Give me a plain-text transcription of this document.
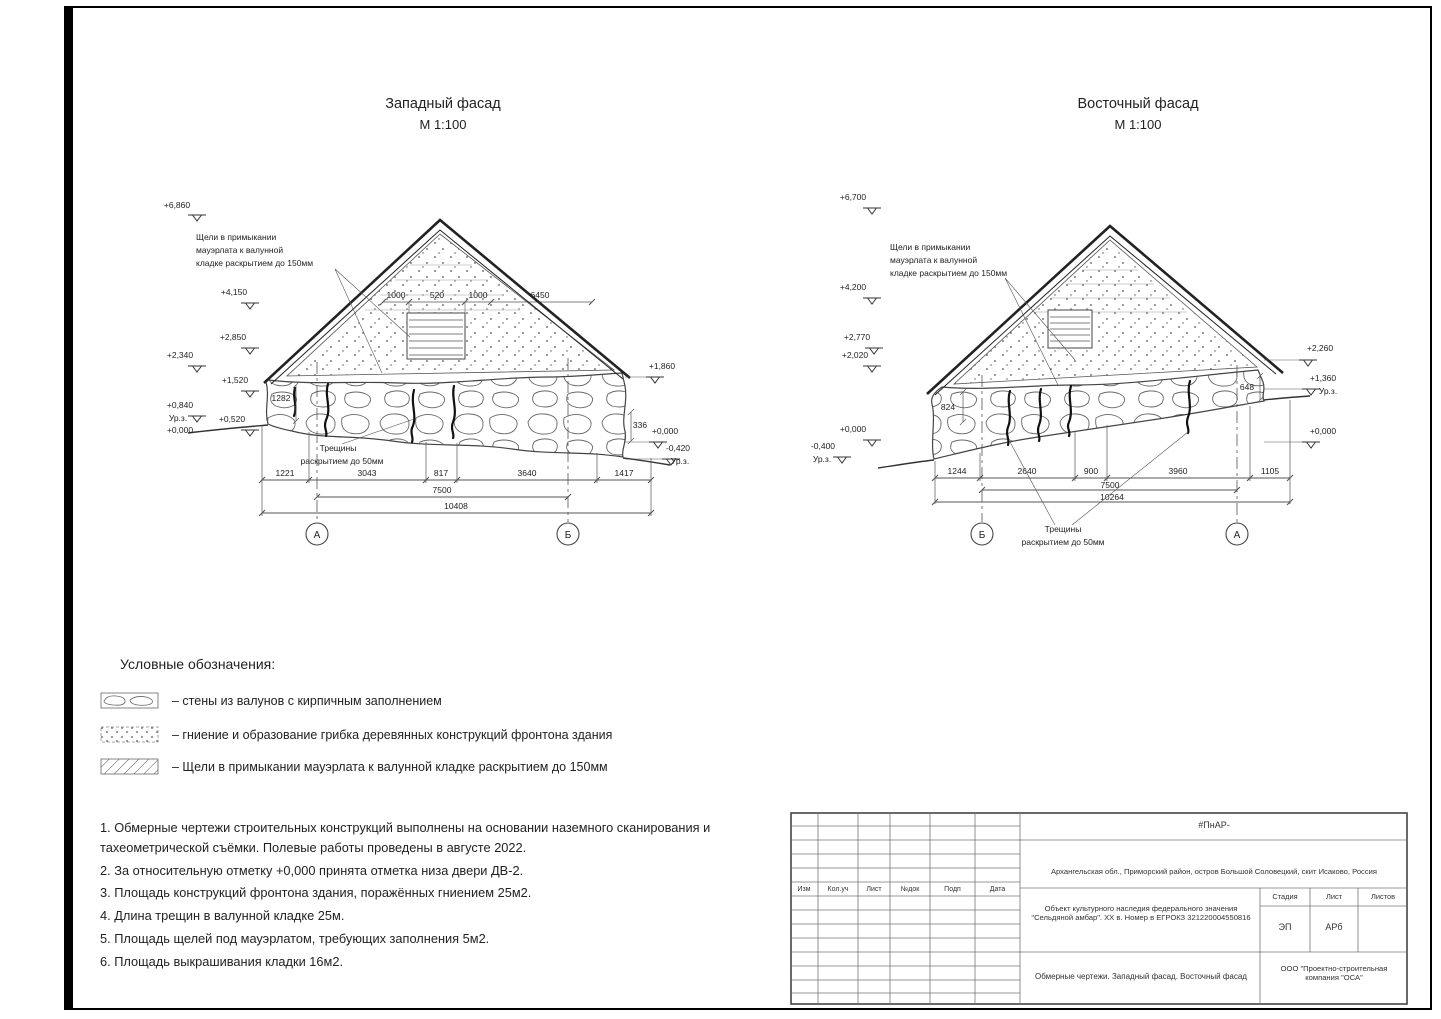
Западный фасад
М 1:100
Восточный фасад
М 1:100
1000	520	1000	6450
1221	3043	817	3640	1417
7500
10408
1282
336
А	Б
+6,860
+4,150
+2,850
+2,340
+1,520
+0,840
Ур.з.
+0,000
+0,520
+1,860
+0,000
-0,420
Ур.з.
Щели в примыкании
мауэрлата к валунной
кладке раскрытием до 150мм
Трещины
раскрытием до 50мм
1244	2640	900	3960	1105
7500
10264
824
648
Б	А
+6,700
+4,200
+2,770
+2,020
+0,000
-0,400
Ур.з.
+2,260
+1,360
Ур.з.
+0,000
Щели в примыкании
мауэрлата к валунной
кладке раскрытием до 150мм
Трещины
раскрытием до 50мм
Условные обозначения:
– стены из валунов с кирпичным заполнением
– гниение и образование грибка деревянных конструкций фронтона здания
– Щели в примыкании мауэрлата к валунной кладке раскрытием до 150мм

1. Обмерные чертежи строительных конструкций выполнены на основании наземного сканирования и тахеометрической съёмки. Полевые работы проведены в августе 2022.

2. За относительную отметку +0,000 принята отметка низа двери ДВ-2.

3. Площадь конструкций фронтона здания, поражённых гниением 25м2.

4. Длина трещин в валунной кладке 25м.

5. Площадь щелей под мауэрлатом, требующих заполнения 5м2.

6. Площадь выкрашивания кладки 16м2.

#ПнАР-
Архангельская обл., Приморский район, остров Большой Соловецкий, скит Исаково, Россия
Изм	Кол.уч	Лист	№док	Подп	Дата
Объект культурного наследия федерального значения "Сельдяной амбар". ХХ в. Номер в ЕГРОКЗ 321220004550816
Стадия	Лист	Листов
ЭП	АРб
Обмерные чертежи. Западный фасад. Восточный фасад
ООО "Проектно-строительная компания "ОСА"
